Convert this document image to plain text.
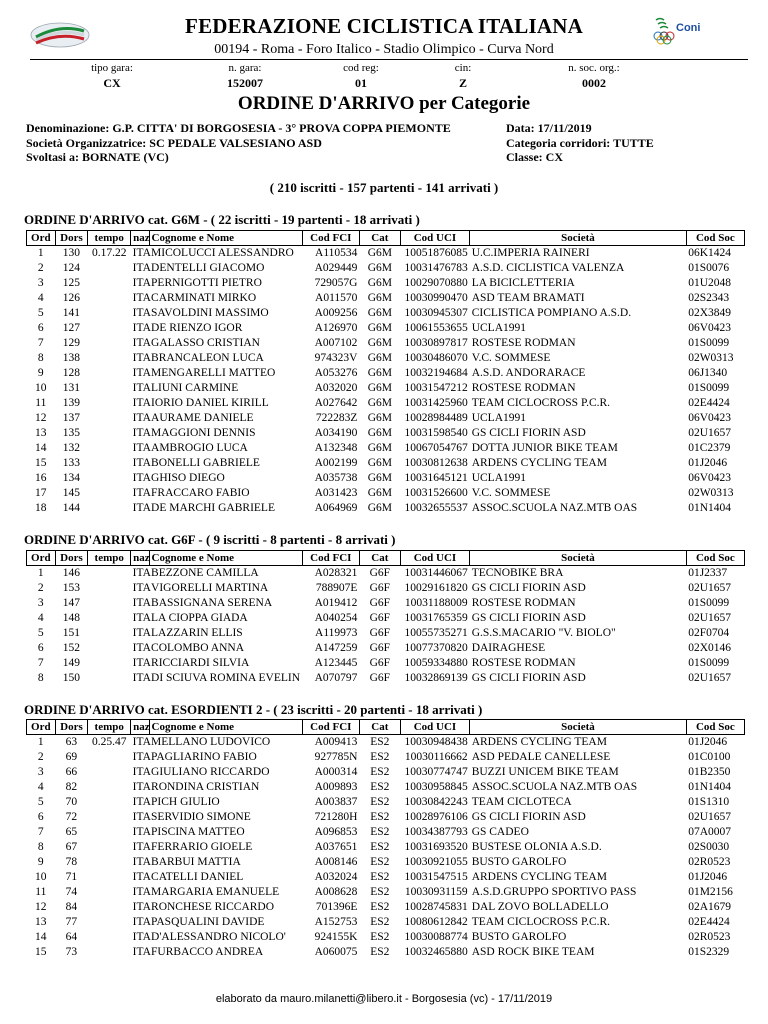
Coni
FEDERAZIONE CICLISTICA ITALIANA
00194 - Roma - Foro Italico - Stadio Olimpico - Curva Nord
tipo gara:
CX
n. gara:
152007
cod reg:
01
cin:
Z
n. soc. org.:
0002
ORDINE D'ARRIVO per Categorie
Denominazione: G.P. CITTA' DI BORGOSESIA - 3° PROVA COPPA PIEMONTE	Data: 17/11/2019
Società Organizzatrice: SC PEDALE VALSESIANO ASD	Categoria corridori: TUTTE
Svoltasi a: BORNATE (VC)	Classe: CX
( 210 iscritti - 157 partenti - 141 arrivati )
ORDINE D'ARRIVO cat. G6M - ( 22 iscritti - 19 partenti - 18 arrivati )
ORDINE D'ARRIVO cat. G6F - ( 9 iscritti - 8 partenti - 8 arrivati )
ORDINE D'ARRIVO cat. ESORDIENTI 2 - ( 23 iscritti - 20 partenti - 18 arrivati )
Ord	Dors	tempo	naz	Cognome e Nome	Cod FCI	Cat	Cod UCI	Società	Cod Soc
1	130	0.17.22	ITA	MICOLUCCI ALESSANDRO	A110534	G6M	10051876085	U.C.IMPERIA RAINERI	06K1424
2	124		ITA	DENTELLI GIACOMO	A029449	G6M	10031476783	A.S.D. CICLISTICA VALENZA	01S0076
3	125		ITA	PERNIGOTTI PIETRO	729057G	G6M	10029070880	LA BICICLETTERIA	01U2048
4	126		ITA	CARMINATI MIRKO	A011570	G6M	10030990470	ASD TEAM BRAMATI	02S2343
5	141		ITA	SAVOLDINI MASSIMO	A009256	G6M	10030945307	CICLISTICA POMPIANO A.S.D.	02X3849
6	127		ITA	DE RIENZO IGOR	A126970	G6M	10061553655	UCLA1991	06V0423
7	129		ITA	GALASSO CRISTIAN	A007102	G6M	10030897817	ROSTESE RODMAN	01S0099
8	138		ITA	BRANCALEON LUCA	974323V	G6M	10030486070	V.C. SOMMESE	02W0313
9	128		ITA	MENGARELLI MATTEO	A053276	G6M	10032194684	A.S.D. ANDORARACE	06J1340
10	131		ITA	LIUNI CARMINE	A032020	G6M	10031547212	ROSTESE RODMAN	01S0099
11	139		ITA	IORIO DANIEL KIRILL	A027642	G6M	10031425960	TEAM CICLOCROSS P.C.R.	02E4424
12	137		ITA	AURAME DANIELE	722283Z	G6M	10028984489	UCLA1991	06V0423
13	135		ITA	MAGGIONI DENNIS	A034190	G6M	10031598540	GS CICLI FIORIN ASD	02U1657
14	132		ITA	AMBROGIO LUCA	A132348	G6M	10067054767	DOTTA JUNIOR BIKE TEAM	01C2379
15	133		ITA	BONELLI GABRIELE	A002199	G6M	10030812638	ARDENS CYCLING TEAM	01J2046
16	134		ITA	GHISO DIEGO	A035738	G6M	10031645121	UCLA1991	06V0423
17	145		ITA	FRACCARO FABIO	A031423	G6M	10031526600	V.C. SOMMESE	02W0313
18	144		ITA	DE MARCHI GABRIELE	A064969	G6M	10032655537	ASSOC.SCUOLA NAZ.MTB OAS	01N1404
Ord	Dors	tempo	naz	Cognome e Nome	Cod FCI	Cat	Cod UCI	Società	Cod Soc
1	146		ITA	BEZZONE CAMILLA	A028321	G6F	10031446067	TECNOBIKE BRA	01J2337
2	153		ITA	VIGORELLI MARTINA	788907E	G6F	10029161820	GS CICLI FIORIN ASD	02U1657
3	147		ITA	BASSIGNANA SERENA	A019412	G6F	10031188009	ROSTESE RODMAN	01S0099
4	148		ITA	LA CIOPPA GIADA	A040254	G6F	10031765359	GS CICLI FIORIN ASD	02U1657
5	151		ITA	LAZZARIN ELLIS	A119973	G6F	10055735271	G.S.S.MACARIO "V. BIOLO"	02F0704
6	152		ITA	COLOMBO ANNA	A147259	G6F	10077370820	DAIRAGHESE	02X0146
7	149		ITA	RICCIARDI SILVIA	A123445	G6F	10059334880	ROSTESE RODMAN	01S0099
8	150		ITA	DI SCIUVA ROMINA EVELIN	A070797	G6F	10032869139	GS CICLI FIORIN ASD	02U1657
Ord	Dors	tempo	naz	Cognome e Nome	Cod FCI	Cat	Cod UCI	Società	Cod Soc
1	63	0.25.47	ITA	MELLANO LUDOVICO	A009413	ES2	10030948438	ARDENS CYCLING TEAM	01J2046
2	69		ITA	PAGLIARINO FABIO	927785N	ES2	10030116662	ASD PEDALE CANELLESE	01C0100
3	66		ITA	GIULIANO RICCARDO	A000314	ES2	10030774747	BUZZI UNICEM BIKE TEAM	01B2350
4	82		ITA	RONDINA CRISTIAN	A009893	ES2	10030958845	ASSOC.SCUOLA NAZ.MTB OAS	01N1404
5	70		ITA	PICH GIULIO	A003837	ES2	10030842243	TEAM CICLOTECA	01S1310
6	72		ITA	SERVIDIO SIMONE	721280H	ES2	10028976106	GS CICLI FIORIN ASD	02U1657
7	65		ITA	PISCINA MATTEO	A096853	ES2	10034387793	GS CADEO	07A0007
8	67		ITA	FERRARIO GIOELE	A037651	ES2	10031693520	BUSTESE OLONIA A.S.D.	02S0030
9	78		ITA	BARBUI MATTIA	A008146	ES2	10030921055	BUSTO GAROLFO	02R0523
10	71		ITA	CATELLI DANIEL	A032024	ES2	10031547515	ARDENS CYCLING TEAM	01J2046
11	74		ITA	MARGARIA EMANUELE	A008628	ES2	10030931159	A.S.D.GRUPPO SPORTIVO PASS	01M2156
12	84		ITA	RONCHESE RICCARDO	701396E	ES2	10028745831	DAL ZOVO BOLLADELLO	02A1679
13	77		ITA	PASQUALINI DAVIDE	A152753	ES2	10080612842	TEAM CICLOCROSS P.C.R.	02E4424
14	64		ITA	D'ALESSANDRO NICOLO'	924155K	ES2	10030088774	BUSTO GAROLFO	02R0523
15	73		ITA	FURBACCO ANDREA	A060075	ES2	10032465880	ASD ROCK BIKE TEAM	01S2329
elaborato da mauro.milanetti@libero.it - Borgosesia (vc) - 17/11/2019
